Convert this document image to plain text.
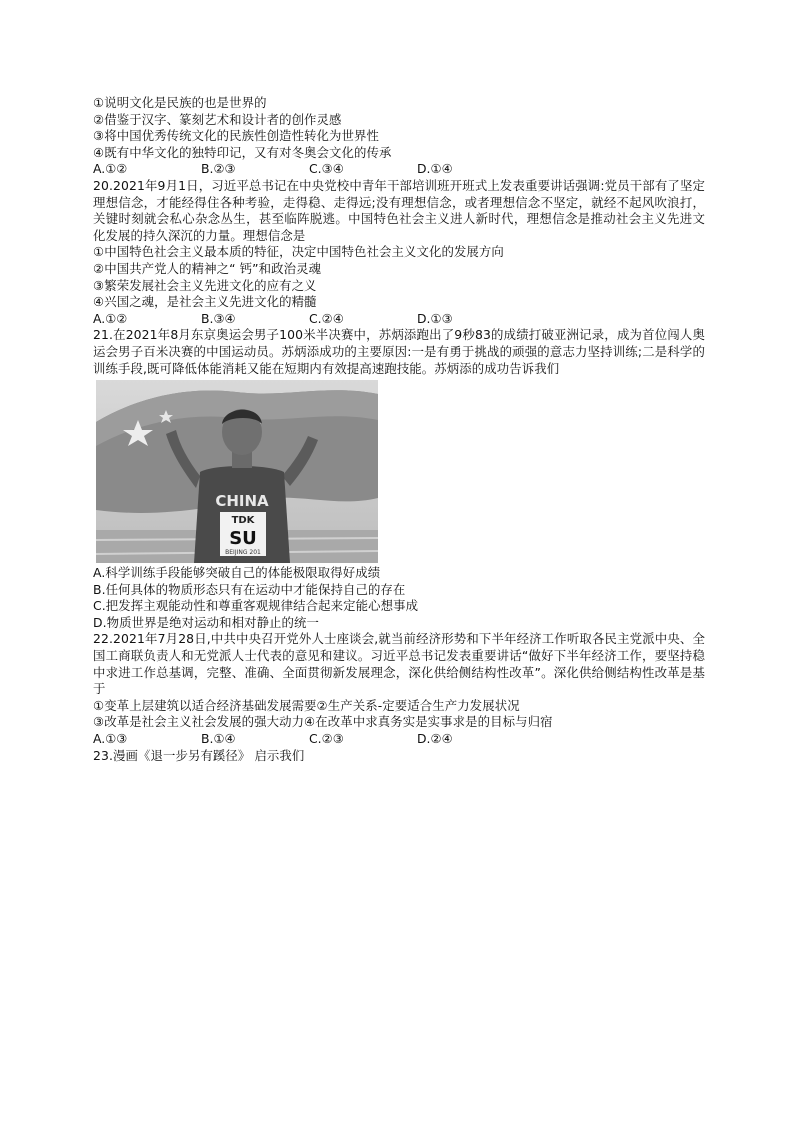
①说明文化是民族的也是世界的
②借鉴于汉字、篆刻艺术和设计者的创作灵感
③将中国优秀传统文化的民族性创造性转化为世界性
④既有中华文化的独特印记，又有对冬奥会文化的传承
A.①②	B.②③	C.③④	D.①④
20.2021年9月1日，习近平总书记在中央党校中青年干部培训班开班式上发表重要讲话强调:党员干部有了坚定理想信念，才能经得住各种考验，走得稳、走得远;没有理想信念，或者理想信念不坚定，就经不起风吹浪打，关键时刻就会私心杂念丛生，甚至临阵脱逃。中国特色社会主义进人新时代，理想信念是推动社会主义先进文化发展的持久深沉的力量。理想信念是
①中国特色社会主义最本质的特征，决定中国特色社会主义文化的发展方向
②中国共产党人的精神之“ 钙”和政治灵魂
③繁荣发展社会主义先进文化的应有之义
④兴国之魂，是社会主义先进文化的精髓
A.①②	B.③④	C.②④	D.①③
21.在2021年8月东京奥运会男子100米半决赛中，苏炳添跑出了9秒83的成绩打破亚洲记录，成为首位闯人奥运会男子百米决赛的中国运动员。苏炳添成功的主要原因:一是有勇于挑战的顽强的意志力坚持训练;二是科学的训练手段,既可降低体能消耗又能在短期内有效提高速跑技能。苏炳添的成功告诉我们
CHINA
TDK
SU
BEIJING 201
A.科学训练手段能够突破自己的体能极限取得好成绩
B.任何具体的物质形态只有在运动中才能保持自己的存在
C.把发挥主观能动性和尊重客观规律结合起来定能心想事成
D.物质世界是绝对运动和相对静止的统一
22.2021年7月28日,中共中央召开党外人士座谈会,就当前经济形势和下半年经济工作听取各民主党派中央、全国工商联负责人和无党派人士代表的意见和建议。习近平总书记发表重要讲话“做好下半年经济工作，要坚持稳中求进工作总基调，完整、准确、全面贯彻新发展理念，深化供给侧结构性改革”。深化供给侧结构性改革是基于
①变革上层建筑以适合经济基础发展需要②生产关系-定要适合生产力发展状况
③改革是社会主义社会发展的强大动力④在改革中求真务实是实事求是的目标与归宿
A.①③	B.①④	C.②③	D.②④
23.漫画《退一步另有蹊径》 启示我们
